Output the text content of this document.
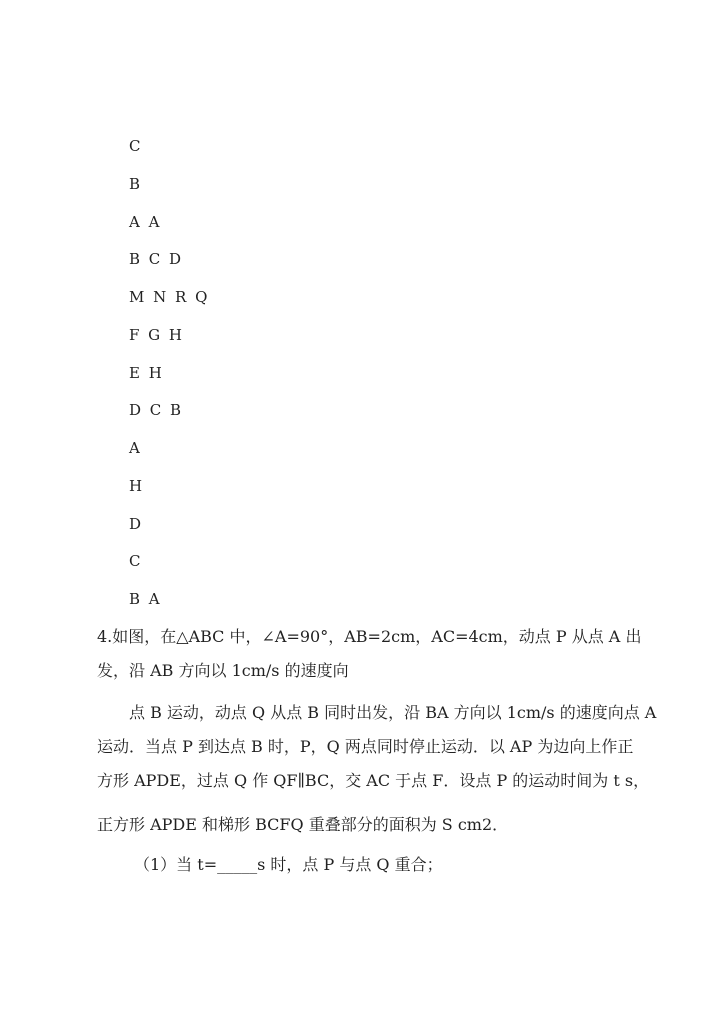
C
B
A A
B C D
M N R Q
F G H
E H
D C B
A
H
D
C
B A
4.如图，在△ABC 中，∠A=90°，AB=2cm，AC=4cm，动点 P 从点 A 出
发，沿 AB 方向以 1cm/s 的速度向
点 B 运动，动点 Q 从点 B 同时出发，沿 BA 方向以 1cm/s 的速度向点 A
运动．当点 P 到达点 B 时，P，Q 两点同时停止运动．以 AP 为边向上作正
方形 APDE，过点 Q 作 QF∥BC，交 AC 于点 F．设点 P 的运动时间为 t s，
正方形 APDE 和梯形 BCFQ 重叠部分的面积为 S cm2．
（1）当 t=_____s 时，点 P 与点 Q 重合；
